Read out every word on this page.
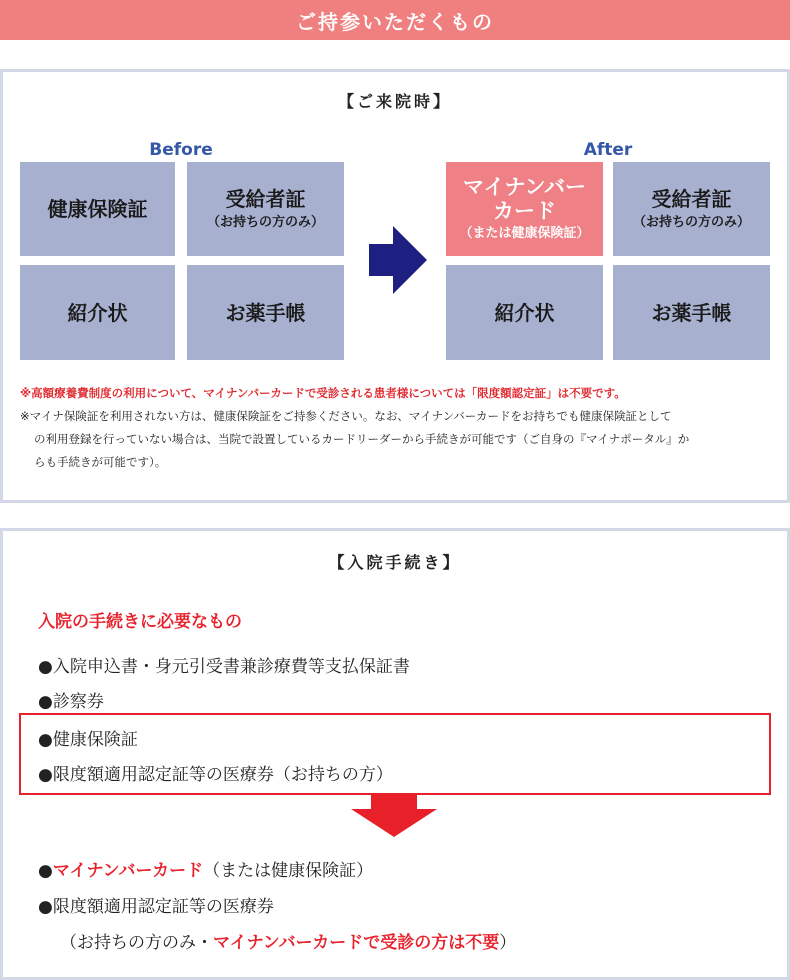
ご持参いただくもの
【ご来院時】
Before	After
健康保険証	受給者証
（お持ちの方のみ）
紹介状	お薬手帳
マイナンバー
カード
（または健康保険証）
受給者証
（お持ちの方のみ）
紹介状	お薬手帳
※高額療養費制度の利用について、マイナンバーカードで受診される患者様については「限度額認定証」は不要です。
※マイナ保険証を利用されない方は、健康保険証をご持参ください。なお、マイナンバーカードをお持ちでも健康保険証として
の利用登録を行っていない場合は、当院で設置しているカードリーダーから手続きが可能です（ご自身の『マイナポータル』か
らも手続きが可能です）。
【入院手続き】
入院の手続きに必要なもの
●入院申込書・身元引受書兼診療費等支払保証書
●診察券
●健康保険証
●限度額適用認定証等の医療券（お持ちの方）
●マイナンバーカード（または健康保険証）
●限度額適用認定証等の医療券
（お持ちの方のみ・マイナンバーカードで受診の方は不要）
